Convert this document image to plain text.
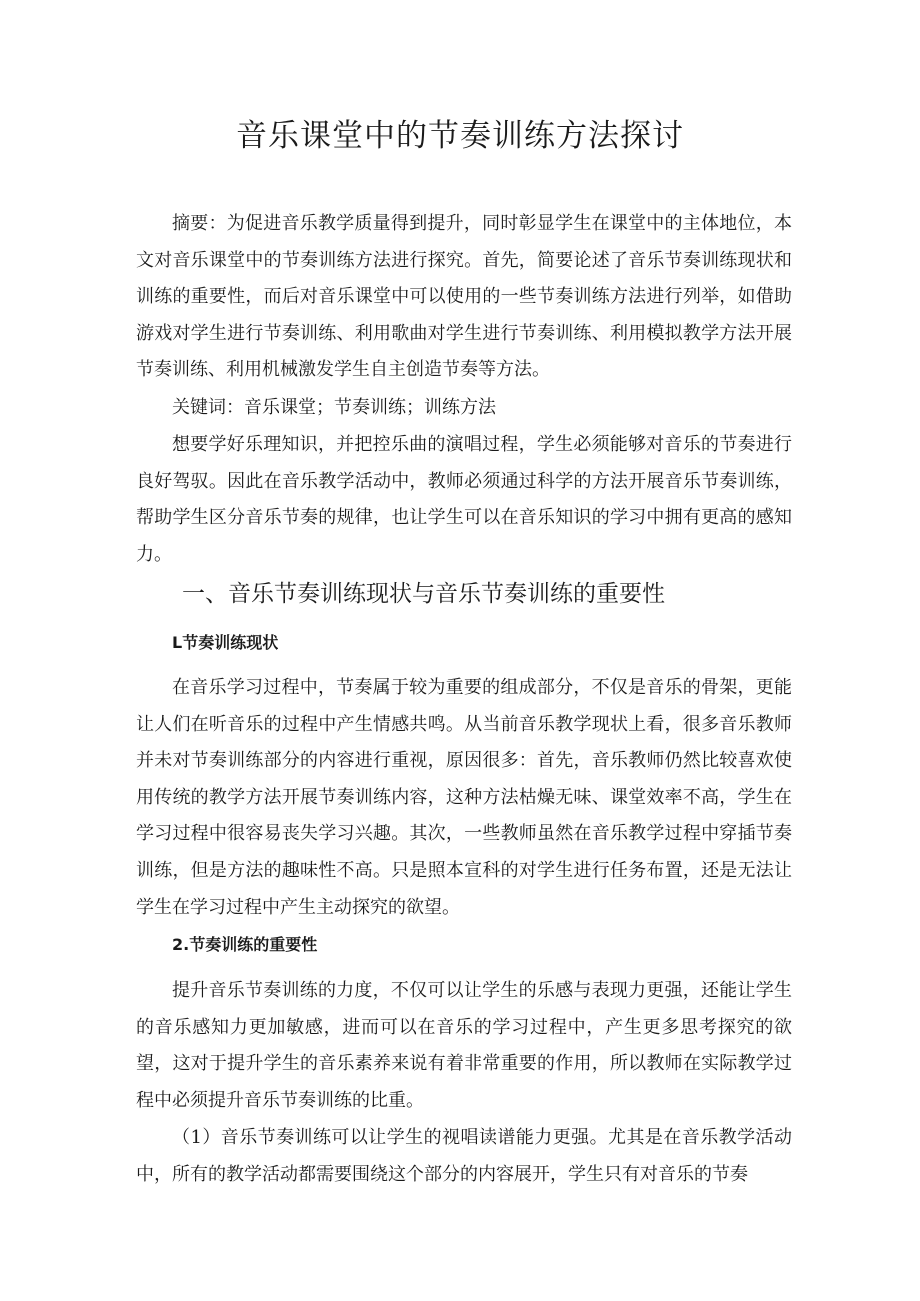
音乐课堂中的节奏训练方法探讨

摘要：为促进音乐教学质量得到提升，同时彰显学生在课堂中的主体地位，本文对音乐课堂中的节奏训练方法进行探究。首先，简要论述了音乐节奏训练现状和训练的重要性，而后对音乐课堂中可以使用的一些节奏训练方法进行列举，如借助游戏对学生进行节奏训练、利用歌曲对学生进行节奏训练、利用模拟教学方法开展节奏训练、利用机械激发学生自主创造节奏等方法。

关键词：音乐课堂；节奏训练；训练方法

想要学好乐理知识，并把控乐曲的演唱过程，学生必须能够对音乐的节奏进行良好驾驭。因此在音乐教学活动中，教师必须通过科学的方法开展音乐节奏训练，帮助学生区分音乐节奏的规律，也让学生可以在音乐知识的学习中拥有更高的感知力。

一、音乐节奏训练现状与音乐节奏训练的重要性
L节奏训练现状

在音乐学习过程中，节奏属于较为重要的组成部分，不仅是音乐的骨架，更能让人们在听音乐的过程中产生情感共鸣。从当前音乐教学现状上看，很多音乐教师并未对节奏训练部分的内容进行重视，原因很多：首先，音乐教师仍然比较喜欢使用传统的教学方法开展节奏训练内容，这种方法枯燥无味、课堂效率不高，学生在学习过程中很容易丧失学习兴趣。其次，一些教师虽然在音乐教学过程中穿插节奏训练，但是方法的趣味性不高。只是照本宣科的对学生进行任务布置，还是无法让学生在学习过程中产生主动探究的欲望。

2.节奏训练的重要性

提升音乐节奏训练的力度，不仅可以让学生的乐感与表现力更强，还能让学生的音乐感知力更加敏感，进而可以在音乐的学习过程中，产生更多思考探究的欲望，这对于提升学生的音乐素养来说有着非常重要的作用，所以教师在实际教学过程中必须提升音乐节奏训练的比重。

（1）音乐节奏训练可以让学生的视唱读谱能力更强。尤其是在音乐教学活动中，所有的教学活动都需要围绕这个部分的内容展开，学生只有对音乐的节奏
